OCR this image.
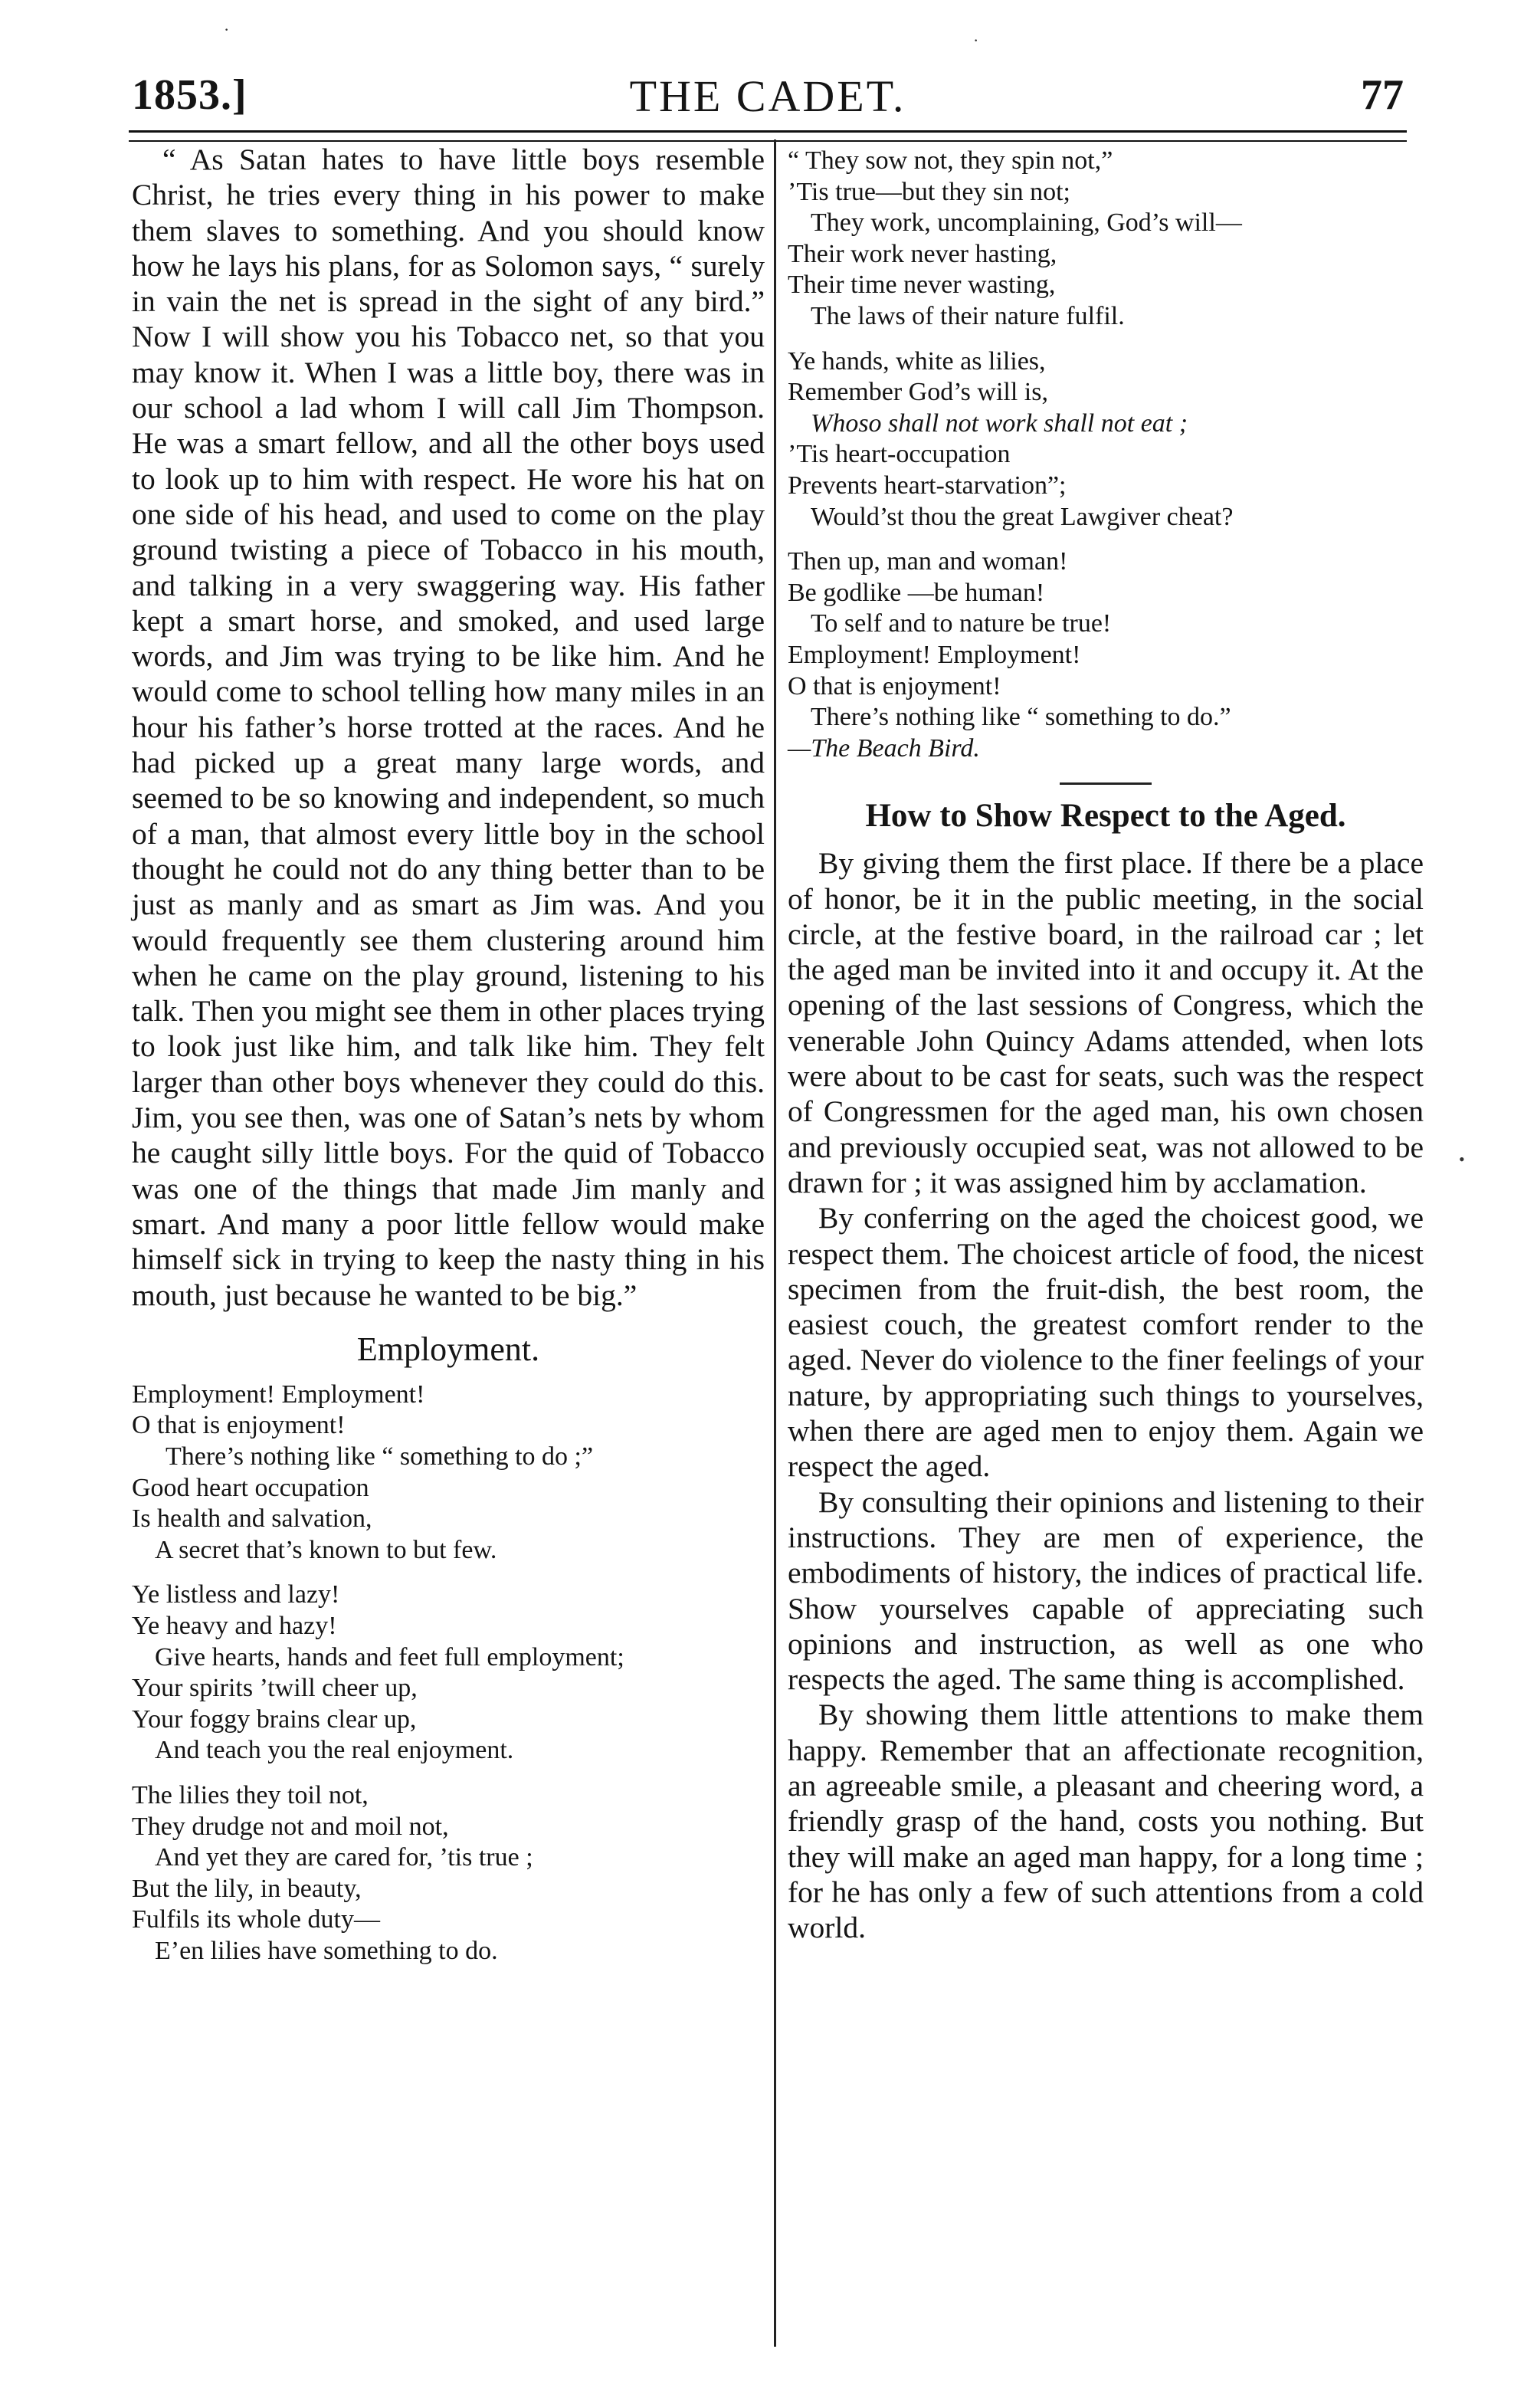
1853.]	THE CADET.	77

“ As Satan hates to have little boys resemble Christ, he tries every thing in his power to make them slaves to something. And you should know how he lays his plans, for as Solomon says, “ surely in vain the net is spread in the sight of any bird.” Now I will show you his Tobacco net, so that you may know it. When I was a little boy, there was in our school a lad whom I will call Jim Thompson. He was a smart fellow, and all the other boys used to look up to him with respect. He wore his hat on one side of his head, and used to come on the play ground twisting a piece of Tobacco in his mouth, and talking in a very swaggering way. His father kept a smart horse, and smoked, and used large words, and Jim was trying to be like him. And he would come to school telling how many miles in an hour his father’s horse trotted at the races. And he had picked up a great many large words, and seemed to be so knowing and independent, so much of a man, that almost every little boy in the school thought he could not do any thing better than to be just as manly and as smart as Jim was. And you would frequently see them clustering around him when he came on the play ground, listening to his talk. Then you might see them in other places trying to look just like him, and talk like him. They felt larger than other boys whenever they could do this. Jim, you see then, was one of Satan’s nets by whom he caught silly little boys. For the quid of Tobacco was one of the things that made Jim manly and smart. And many a poor little fellow would make himself sick in trying to keep the nasty thing in his mouth, just because he wanted to be big.”

Employment.
Employment! Employment!
O that is enjoyment!
There’s nothing like “ something to do ;”
Good heart occupation
Is health and salvation,
A secret that’s known to but few.
Ye listless and lazy!
Ye heavy and hazy!
Give hearts, hands and feet full employment;
Your spirits ’twill cheer up,
Your foggy brains clear up,
And teach you the real enjoyment.
The lilies they toil not,
They drudge not and moil not,
And yet they are cared for, ’tis true ;
But the lily, in beauty,
Fulfils its whole duty—
E’en lilies have something to do.
“ They sow not, they spin not,”
’Tis true—but they sin not;
They work, uncomplaining, God’s will—
Their work never hasting,
Their time never wasting,
The laws of their nature fulfil.
Ye hands, white as lilies,
Remember God’s will is,
Whoso shall not work shall not eat ;
’Tis heart-occupation
Prevents heart-starvation”;
Would’st thou the great Lawgiver cheat?
Then up, man and woman!
Be godlike —be human!
To self and to nature be true!
Employment! Employment!
O that is enjoyment!
There’s nothing like “ something to do.”
—The Beach Bird.
How to Show Respect to the Aged.

By giving them the first place. If there be a place of honor, be it in the public meeting, in the social circle, at the festive board, in the railroad car ; let the aged man be invited into it and occupy it. At the opening of the last sessions of Congress, which the venerable John Quincy Adams attended, when lots were about to be cast for seats, such was the respect of Congressmen for the aged man, his own chosen and previously occupied seat, was not allowed to be drawn for ; it was assigned him by acclamation.

By conferring on the aged the choicest good, we respect them. The choicest article of food, the nicest specimen from the fruit-dish, the best room, the easiest couch, the greatest comfort render to the aged. Never do violence to the finer feelings of your nature, by appropriating such things to yourselves, when there are aged men to enjoy them. Again we respect the aged.

By consulting their opinions and listening to their instructions. They are men of experience, the embodiments of history, the indices of practical life. Show yourselves capable of appreciating such opinions and instruction, as well as one who respects the aged. The same thing is accomplished.

By showing them little attentions to make them happy. Remember that an affectionate recognition, an agreeable smile, a pleasant and cheering word, a friendly grasp of the hand, costs you nothing. But they will make an aged man happy, for a long time ; for he has only a few of such attentions from a cold world.

·
·
•
